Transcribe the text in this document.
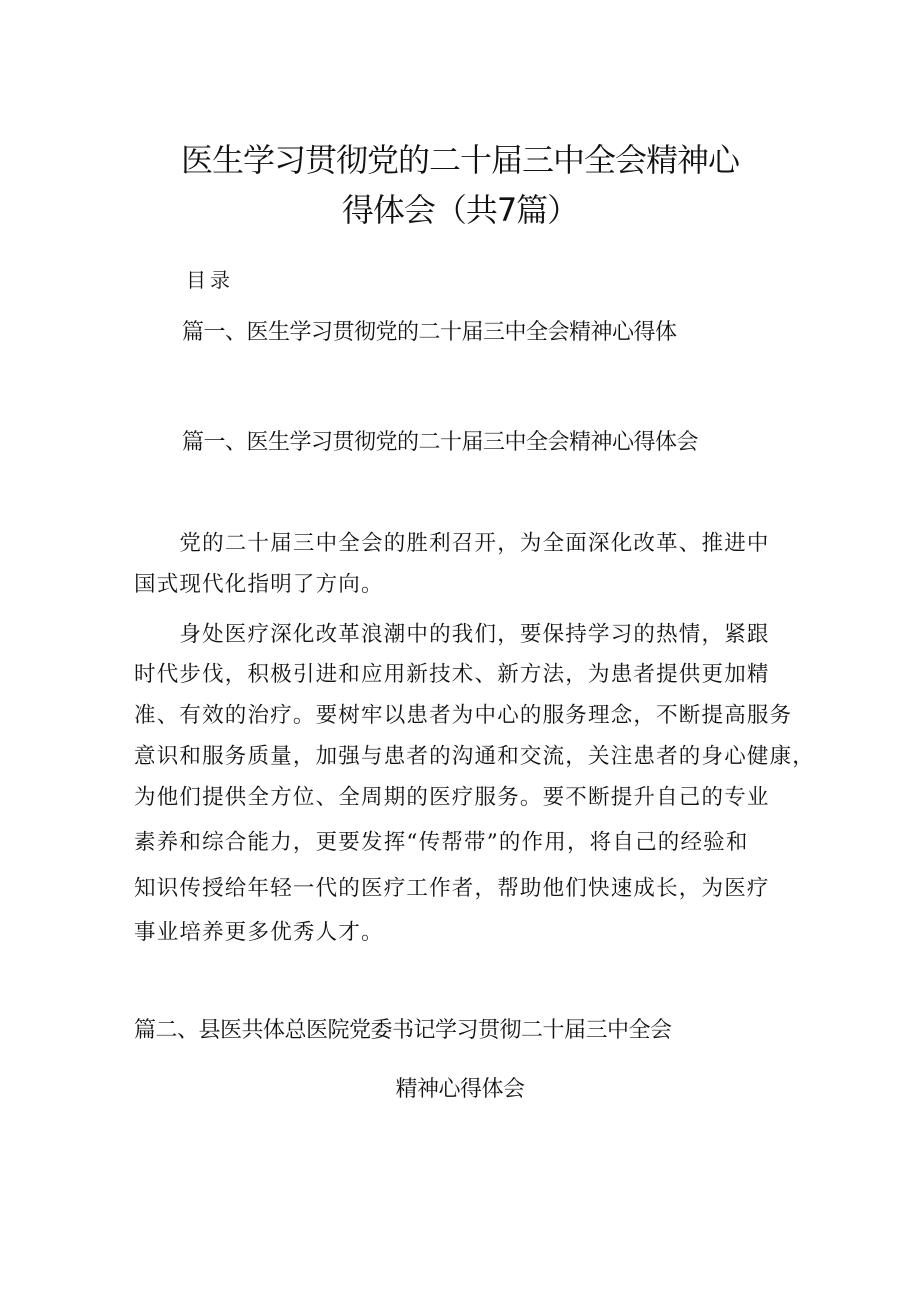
医生学习贯彻党的二十届三中全会精神心
得体会（共7篇）
目录
篇一、医生学习贯彻党的二十届三中全会精神心得体
篇一、医生学习贯彻党的二十届三中全会精神心得体会
　　党的二十届三中全会的胜利召开，为全面深化改革、推进中
国式现代化指明了方向。
　　身处医疗深化改革浪潮中的我们，要保持学习的热情，紧跟
时代步伐，积极引进和应用新技术、新方法，为患者提供更加精
准、有效的治疗。要树牢以患者为中心的服务理念，不断提高服务
意识和服务质量，加强与患者的沟通和交流，关注患者的身心健康，
为他们提供全方位、全周期的医疗服务。要不断提升自己的专业
素养和综合能力，更要发挥“传帮带”的作用，将自己的经验和
知识传授给年轻一代的医疗工作者，帮助他们快速成长，为医疗
事业培养更多优秀人才。
篇二、县医共体总医院党委书记学习贯彻二十届三中全会
精神心得体会
